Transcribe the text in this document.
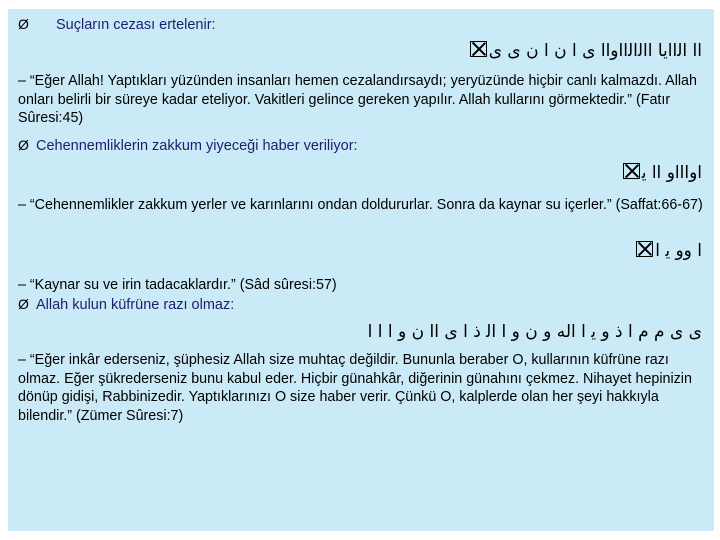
Ø Suçların cezası ertelenir:
ﺍﺍ ﺍﻟﺍﺍﻳﺎ ﺍﺍﻟﺍﻟﺍﺍﻭﺍﺍ ﻯ ﺍ ﻥ ﺍ ﻥ ﻯ ﻯ
– “Eğer Allah! Yaptıkları yüzünden insanları hemen cezalandırsaydı; yeryüzünde hiçbir canlı kalmazdı. Allah onları belirli bir süreye kadar eteliyor. Vakitleri gelince gereken yapılır. Allah kullarını görmektedir.” (Fatır Sûresi:45)
Ø Cehennemliklerin zakkum yiyeceği haber veriliyor:
ﺍﻭﺍﺍﺍﻭ ﺍﺍ ﻳ
– “Cehennemlikler zakkum yerler ve karınlarını ondan doldururlar. Sonra da kaynar su içerler.” (Saffat:66-67)
ﺍ ﻭﻭ ﻳ ﺍ
– “Kaynar su ve irin tadacaklardır.” (Sâd sûresi:57)
Ø Allah kulun küfrüne razı olmaz:
ﻯ ﻯ ﻡ ﻡ ﺍ ﺫ ﻭ ﻳ ﺍ ﺍﻟﻪ ﻭ ﻥ ﻭ ﺍ ﺍﻟ ﺫ ﺍ ﻯ ﺍﺍ ﻥ ﻭ ﺍ ﺍ ﺍ
– “Eğer inkâr ederseniz, şüphesiz Allah size muhtaç değildir. Bununla beraber O, kullarının küfrüne razı olmaz. Eğer şükrederseniz bunu kabul eder. Hiçbir günahkâr, diğerinin günahını çekmez. Nihayet hepinizin dönüp gidişi, Rabbinizedir. Yaptıklarınızı O size haber verir. Çünkü O, kalplerde olan her şeyi hakkıyla bilendir.” (Zümer Sûresi:7)
